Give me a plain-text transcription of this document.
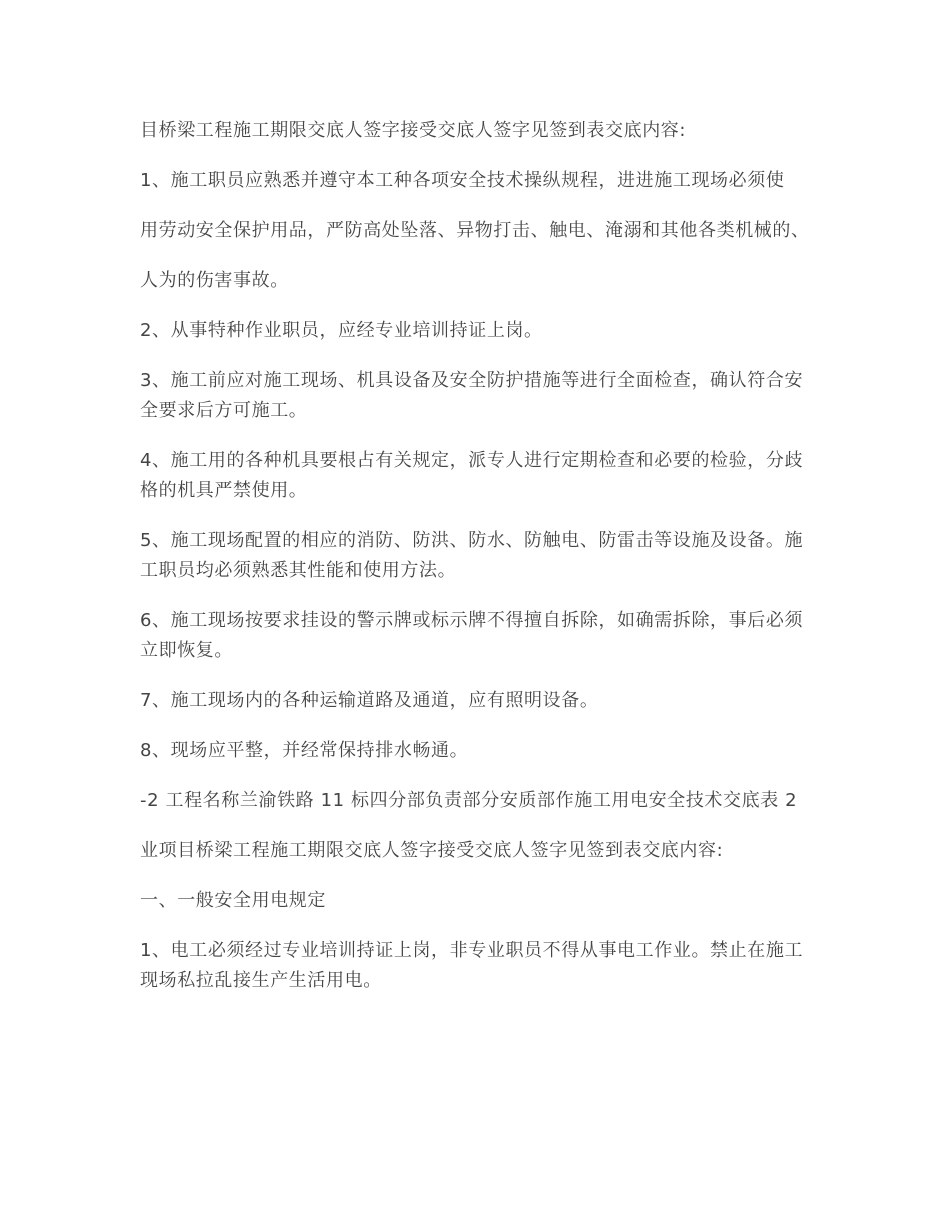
目桥梁工程施工期限交底人签字接受交底人签字见签到表交底内容:

1、施工职员应熟悉并遵守本工种各项安全技术操纵规程，进进施工现场必须使

用劳动安全保护用品，严防高处坠落、异物打击、触电、淹溺和其他各类机械的、

人为的伤害事故。

2、从事特种作业职员，应经专业培训持证上岗。

3、施工前应对施工现场、机具设备及安全防护措施等进行全面检查，确认符合安全要求后方可施工。

4、施工用的各种机具要根占有关规定，派专人进行定期检查和必要的检验，分歧格的机具严禁使用。

5、施工现场配置的相应的消防、防洪、防水、防触电、防雷击等设施及设备。施工职员均必须熟悉其性能和使用方法。

6、施工现场按要求挂设的警示牌或标示牌不得擅自拆除，如确需拆除，事后必须立即恢复。

7、施工现场内的各种运输道路及通道，应有照明设备。

8、现场应平整，并经常保持排水畅通。

-2 工程名称兰渝铁路 11 标四分部负责部分安质部作施工用电安全技术交底表 2

业项目桥梁工程施工期限交底人签字接受交底人签字见签到表交底内容:

一、一般安全用电规定

1、电工必须经过专业培训持证上岗，非专业职员不得从事电工作业。禁止在施工现场私拉乱接生产生活用电。
